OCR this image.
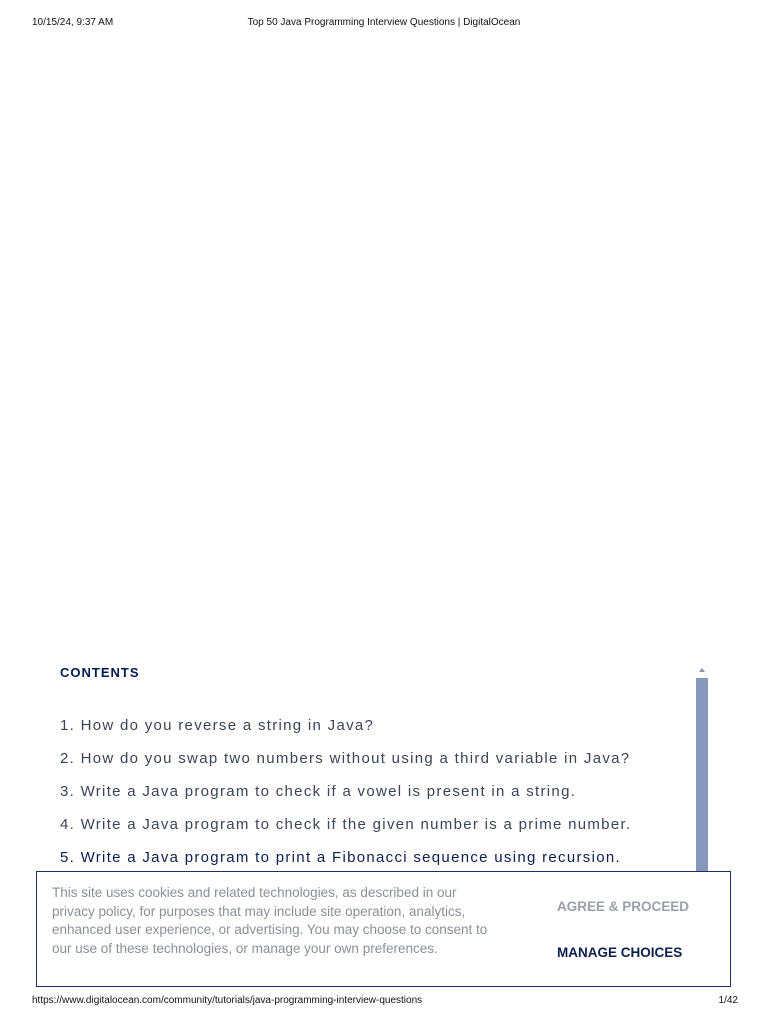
10/15/24, 9:37 AM	Top 50 Java Programming Interview Questions | DigitalOcean
CONTENTS
1. How do you reverse a string in Java?
2. How do you swap two numbers without using a third variable in Java?
3. Write a Java program to check if a vowel is present in a string.
4. Write a Java program to check if the given number is a prime number.
5. Write a Java program to print a Fibonacci sequence using recursion.
This site uses cookies and related technologies, as described in our privacy policy, for purposes that may include site operation, analytics, enhanced user experience, or advertising. You may choose to consent to our use of these technologies, or manage your own preferences.
AGREE & PROCEED
MANAGE CHOICES
https://www.digitalocean.com/community/tutorials/java-programming-interview-questions	1/42
